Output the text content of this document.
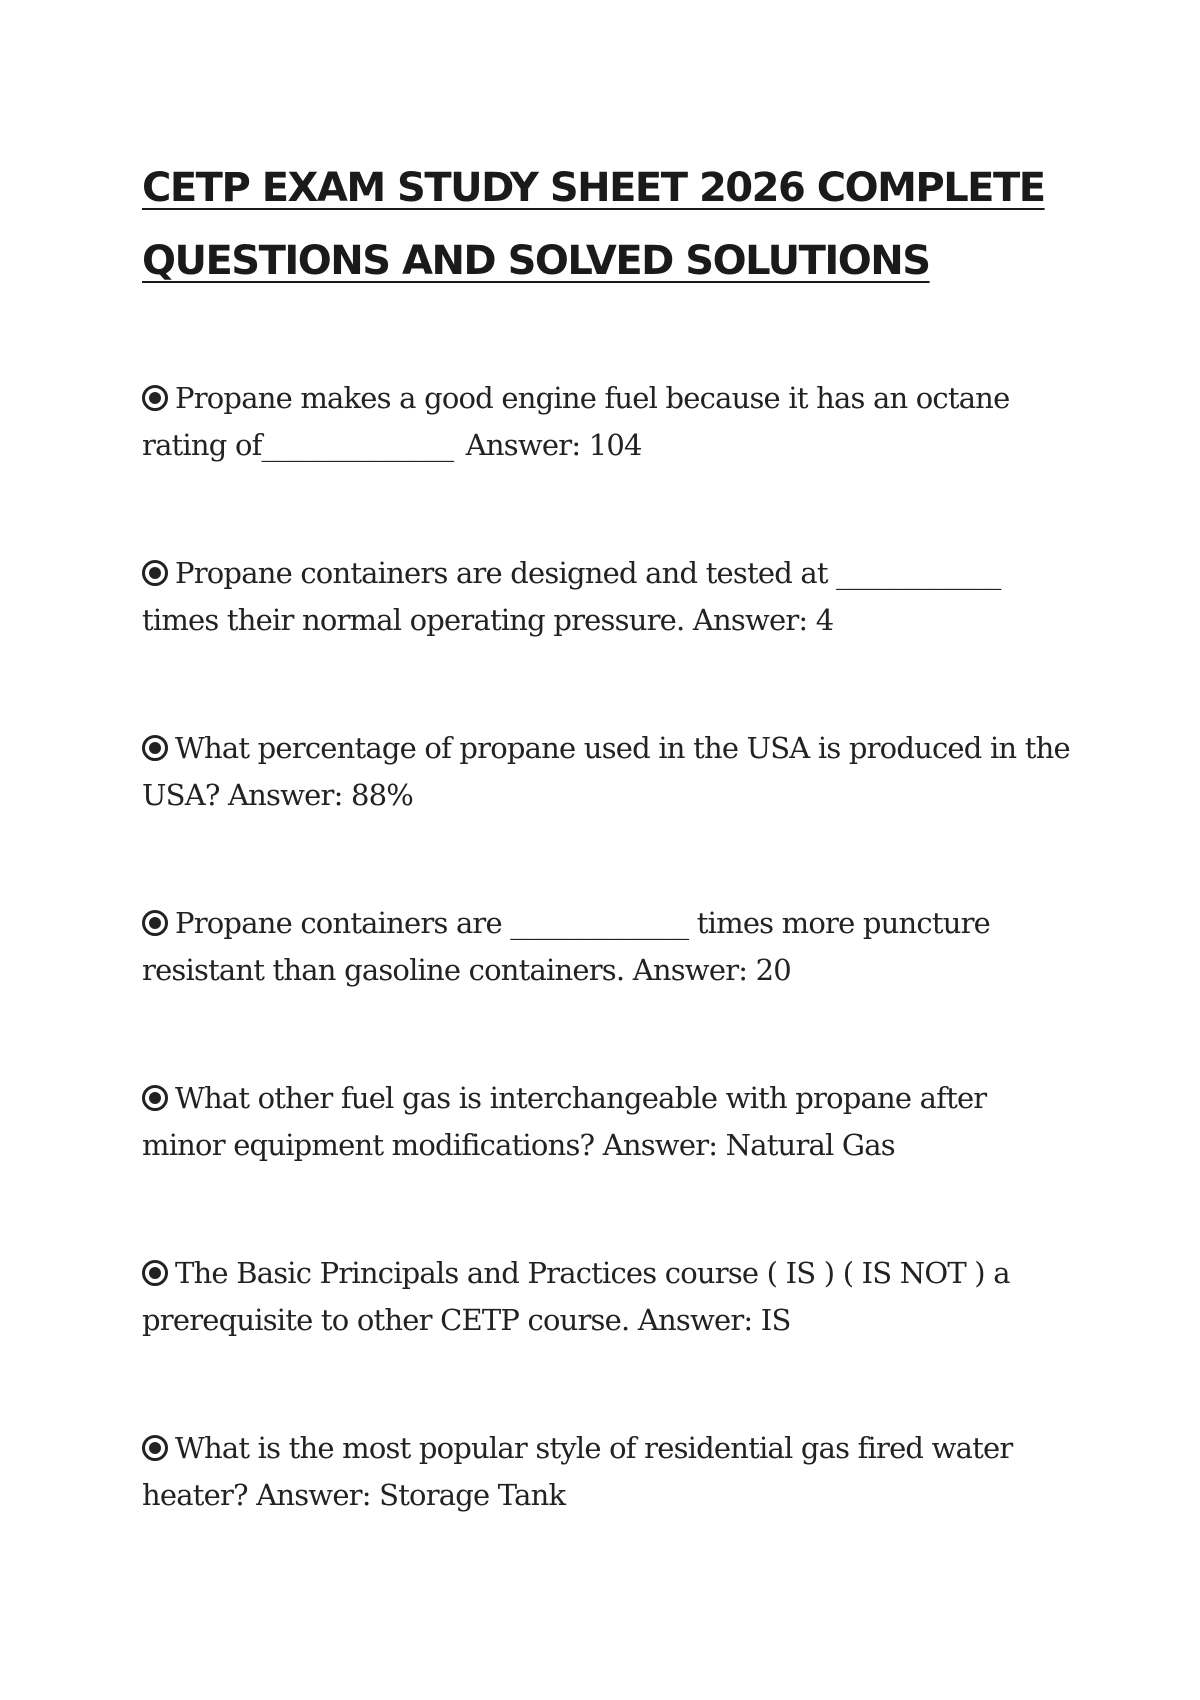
CETP EXAM STUDY SHEET 2026 COMPLETE
QUESTIONS AND SOLVED SOLUTIONS
Propane makes a good engine fuel because it has an octane rating of______________ Answer: 104
Propane containers are designed and tested at ____________ times their normal operating pressure. Answer: 4
What percentage of propane used in the USA is produced in the USA? Answer: 88%
Propane containers are _____________ times more puncture resistant than gasoline containers. Answer: 20
What other fuel gas is interchangeable with propane after minor equipment modifications? Answer: Natural Gas
The Basic Principals and Practices course ( IS ) ( IS NOT ) a prerequisite to other CETP course. Answer: IS
What is the most popular style of residential gas fired water heater? Answer: Storage Tank
